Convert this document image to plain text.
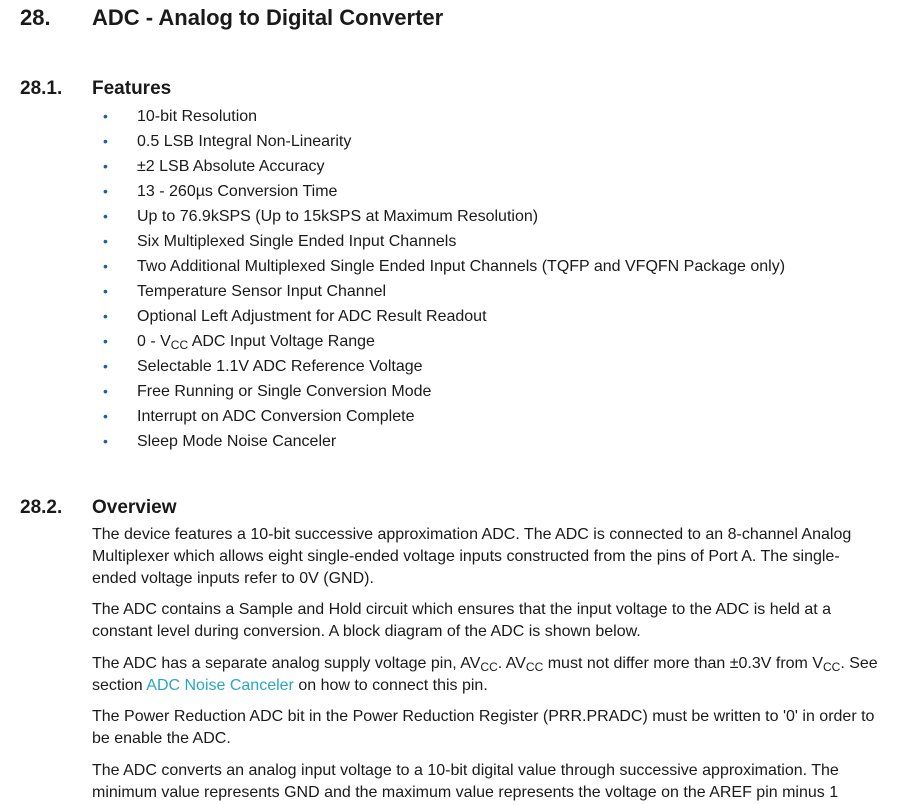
28. ADC - Analog to Digital Converter
28.1. Features
• 10-bit Resolution
• 0.5 LSB Integral Non-Linearity
• ±2 LSB Absolute Accuracy
• 13 - 260µs Conversion Time
• Up to 76.9kSPS (Up to 15kSPS at Maximum Resolution)
• Six Multiplexed Single Ended Input Channels
• Two Additional Multiplexed Single Ended Input Channels (TQFP and VFQFN Package only)
• Temperature Sensor Input Channel
• Optional Left Adjustment for ADC Result Readout
• $0 - V_{CC}$ ADC Input Voltage Range
• Selectable 1.1V ADC Reference Voltage
• Free Running or Single Conversion Mode
• Interrupt on ADC Conversion Complete
• Sleep Mode Noise Canceler
28.2. Overview
The device features a 10-bit successive approximation ADC. The ADC is connected to an 8-channel Analog Multiplexer which allows eight single-ended voltage inputs constructed from the pins of Port A. The single-ended voltage inputs refer to 0V (GND).
The ADC contains a Sample and Hold circuit which ensures that the input voltage to the ADC is held at a constant level during conversion. A block diagram of the ADC is shown below.
The ADC has a separate analog supply voltage pin, $AV_{CC}$. $AV_{CC}$ must not differ more than ±0.3V from $V_{CC}$. See section ADC Noise Canceler on how to connect this pin.
The Power Reduction ADC bit in the Power Reduction Register (PRR.PRADC) must be written to '0' in order to be enable the ADC.
The ADC converts an analog input voltage to a 10-bit digital value through successive approximation. The minimum value represents GND and the maximum value represents the voltage on the AREF pin minus 1
